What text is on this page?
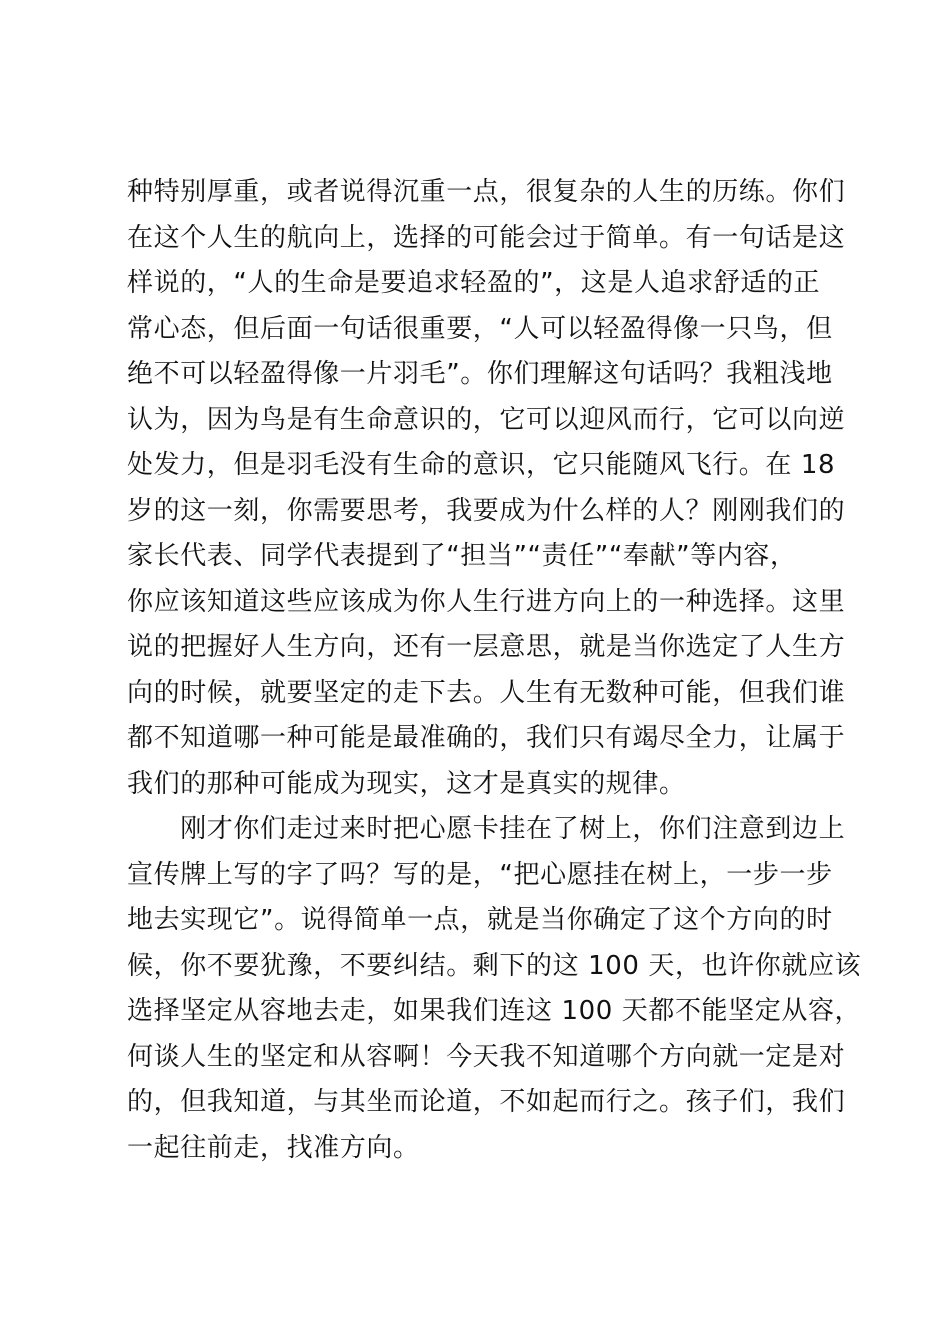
种特别厚重，或者说得沉重一点，很复杂的人生的历练。你们
在这个人生的航向上，选择的可能会过于简单。有一句话是这
样说的，“人的生命是要追求轻盈的”，这是人追求舒适的正
常心态，但后面一句话很重要，“人可以轻盈得像一只鸟，但
绝不可以轻盈得像一片羽毛”。你们理解这句话吗？我粗浅地
认为，因为鸟是有生命意识的，它可以迎风而行，它可以向逆
处发力，但是羽毛没有生命的意识，它只能随风飞行。在 18
岁的这一刻，你需要思考，我要成为什么样的人？刚刚我们的
家长代表、同学代表提到了“担当”“责任”“奉献”等内容，
你应该知道这些应该成为你人生行进方向上的一种选择。这里
说的把握好人生方向，还有一层意思，就是当你选定了人生方
向的时候，就要坚定的走下去。人生有无数种可能，但我们谁
都不知道哪一种可能是最准确的，我们只有竭尽全力，让属于
我们的那种可能成为现实，这才是真实的规律。
　　刚才你们走过来时把心愿卡挂在了树上，你们注意到边上
宣传牌上写的字了吗？写的是，“把心愿挂在树上，一步一步
地去实现它”。说得简单一点，就是当你确定了这个方向的时
候，你不要犹豫，不要纠结。剩下的这 100 天，也许你就应该
选择坚定从容地去走，如果我们连这 100 天都不能坚定从容，
何谈人生的坚定和从容啊！今天我不知道哪个方向就一定是对
的，但我知道，与其坐而论道，不如起而行之。孩子们，我们
一起往前走，找准方向。
